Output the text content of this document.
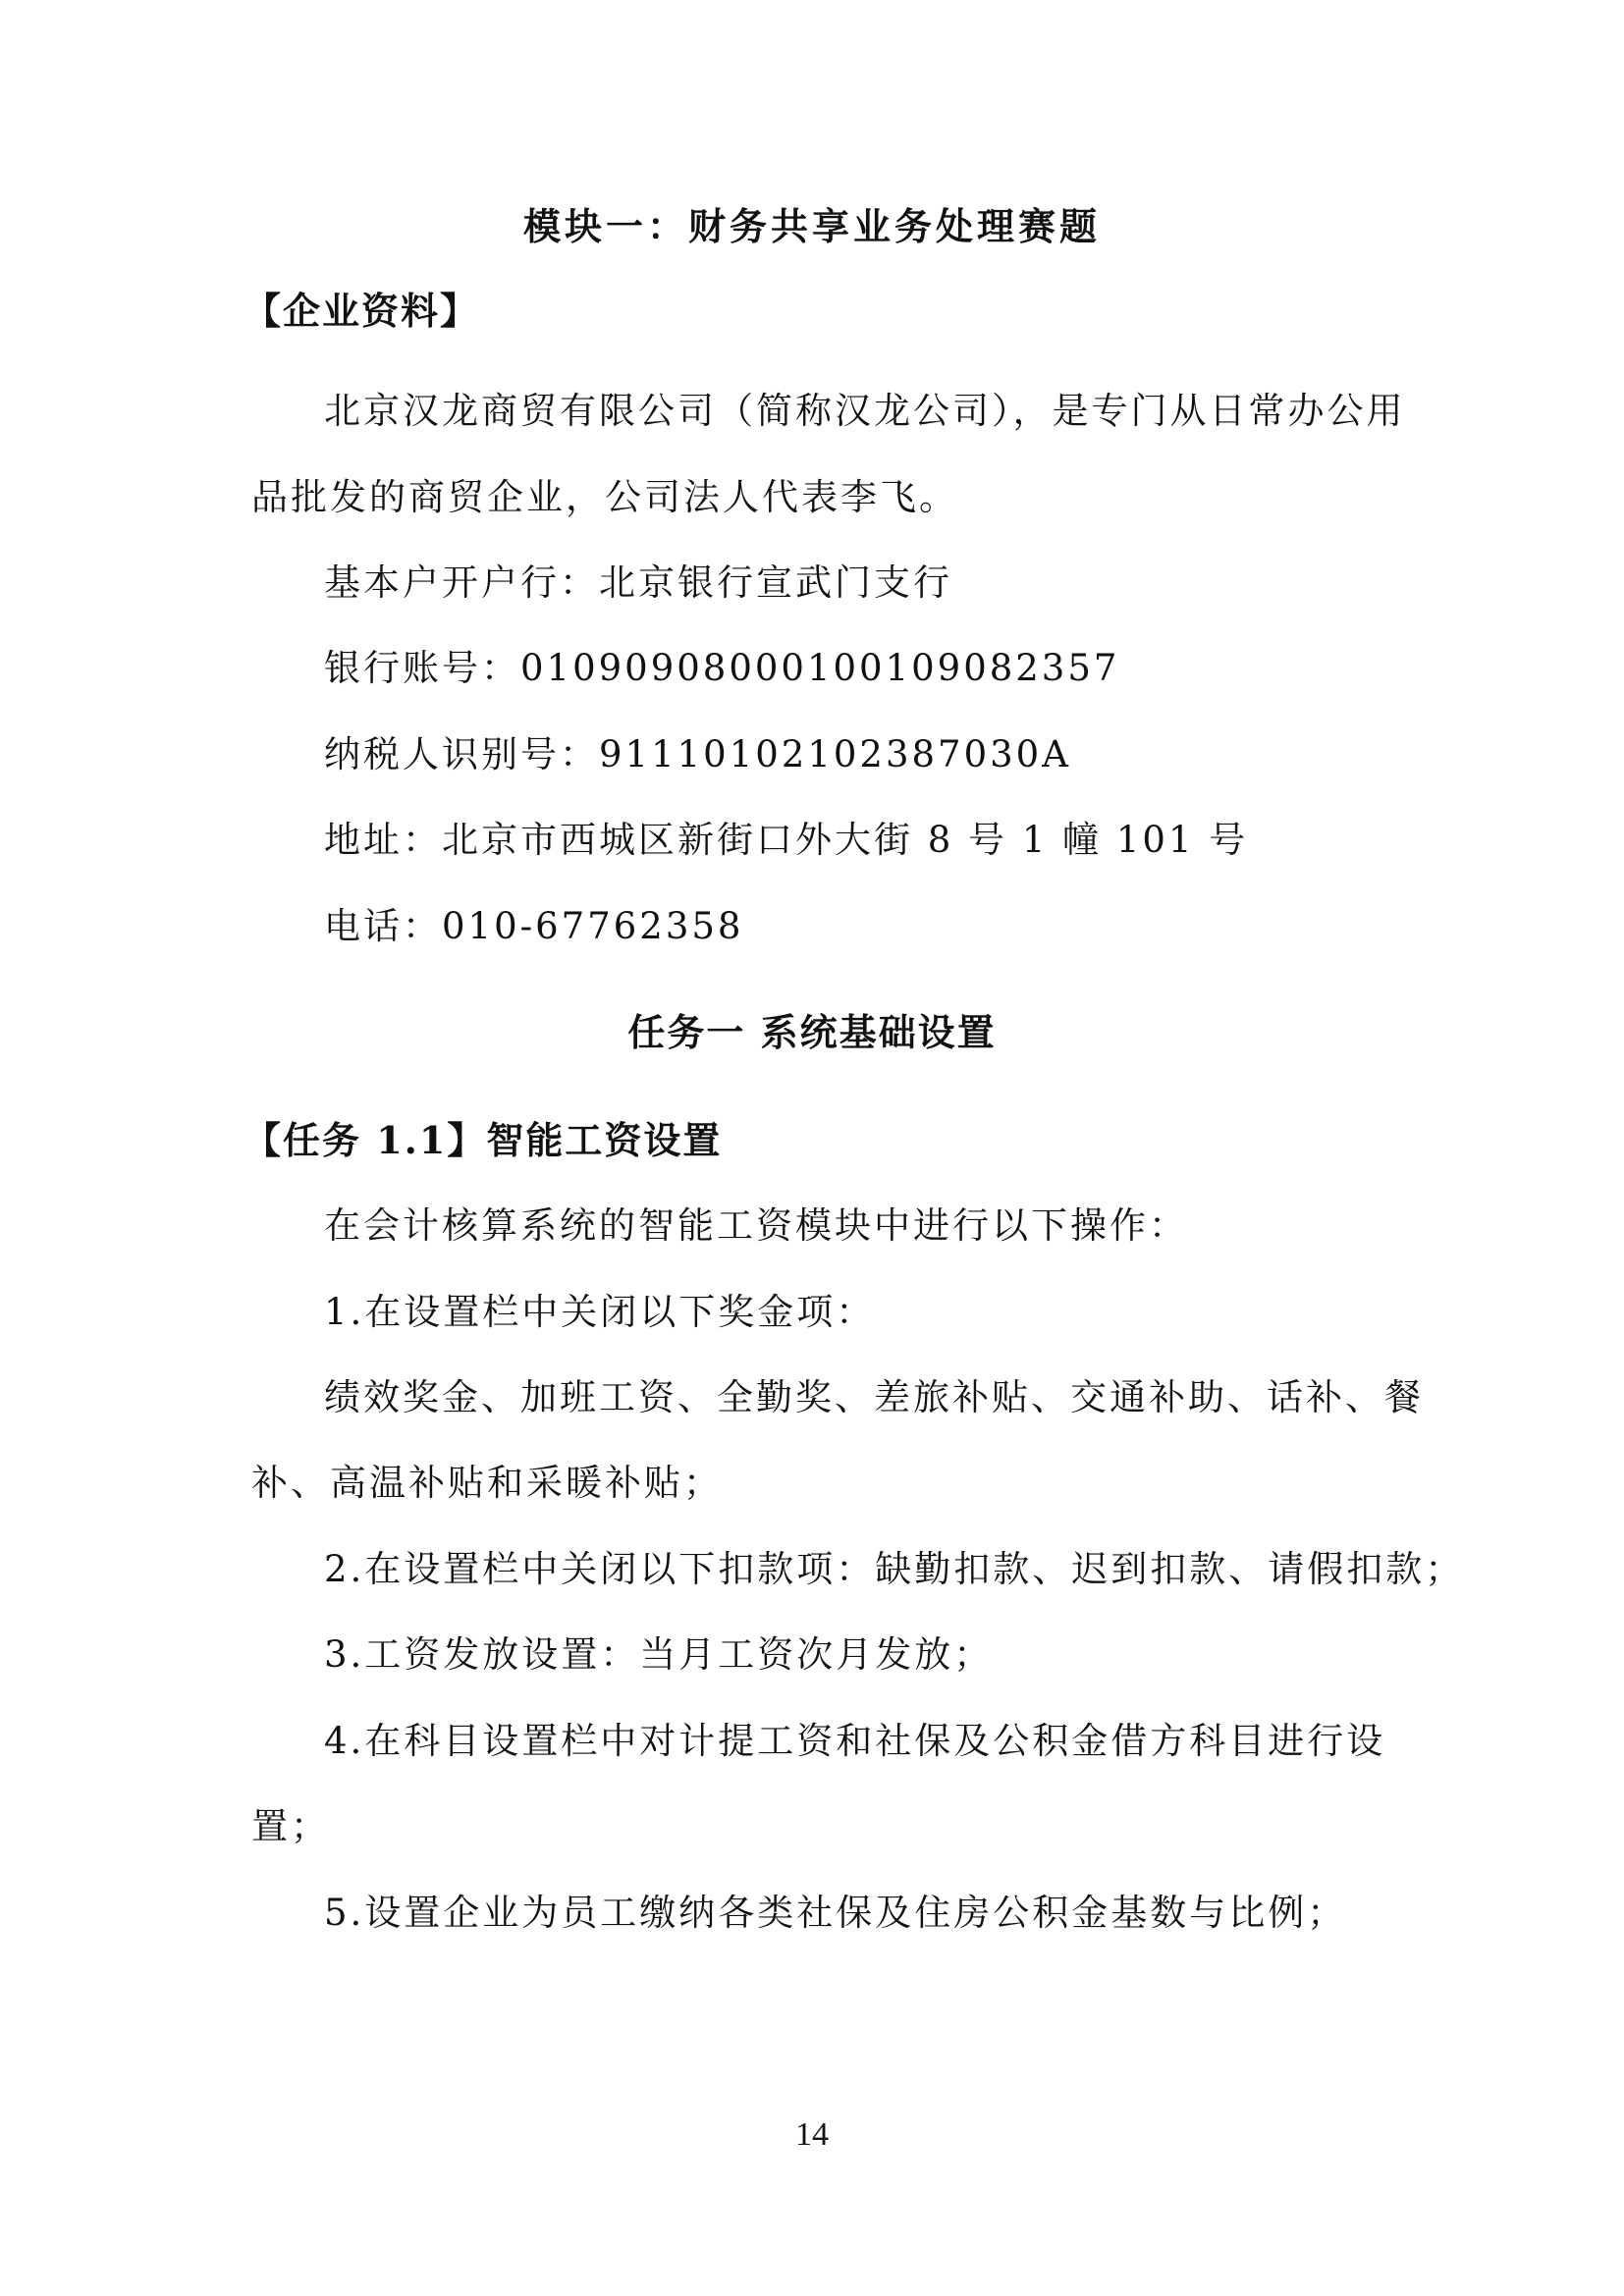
模块一：财务共享业务处理赛题
【企业资料】
北京汉龙商贸有限公司（简称汉龙公司），是专门从日常办公用
品批发的商贸企业，公司法人代表李飞。
基本户开户行：北京银行宣武门支行
银行账号：01090908000100109082357
纳税人识别号：91110102102387030A
地址：北京市西城区新街口外大街 8 号 1 幢 101 号
电话：010-67762358
任务一 系统基础设置
【任务 1.1】智能工资设置
在会计核算系统的智能工资模块中进行以下操作：
1.在设置栏中关闭以下奖金项：
绩效奖金、加班工资、全勤奖、差旅补贴、交通补助、话补、餐
补、高温补贴和采暖补贴；
2.在设置栏中关闭以下扣款项：缺勤扣款、迟到扣款、请假扣款；
3.工资发放设置：当月工资次月发放；
4.在科目设置栏中对计提工资和社保及公积金借方科目进行设
置；
5.设置企业为员工缴纳各类社保及住房公积金基数与比例；
14
